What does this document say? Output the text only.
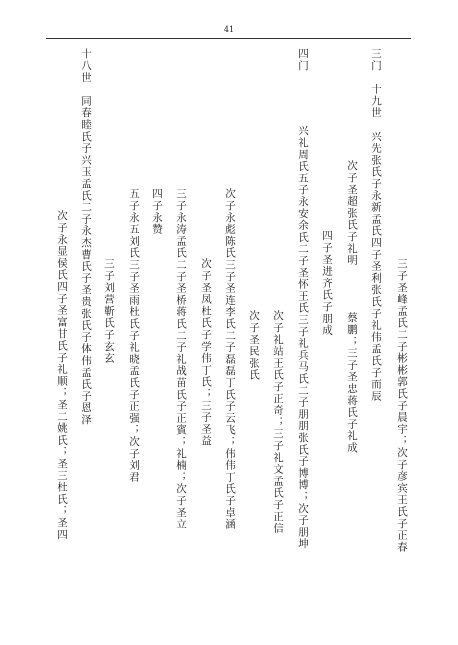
41
三门　十九世　兴先张氏子永新孟氏四子圣利张氏子礼伟孟氏子而辰
三子圣峰孟氏二子彬彬郭氏子晨宇；次子彦宾王氏子正春
次子圣超张氏子礼明
蔡鹏；三子圣忠蒋氏子礼成
四子圣进齐氏子朋成
四门
兴礼周氏五子永安余氏二子圣怀王氏三子礼兵马氏二子朋朋张氏子博博；次子朋坤
次子礼站王氏子正奇；三子礼文孟氏子正信
次子圣民张氏
次子永彪陈氏三子圣连李氏二子磊磊丁氏子云飞；伟伟丁氏子卓涵
次子圣凤杜氏子学伟丁氏；三子圣益
三子永涛孟氏二子圣桥蒋氏二子礼战苗氏子正賓；礼楠；次子圣立
四子永赞
五子永五刘氏三子圣雨杜氏子礼晓孟氏子正强；次子刘君
三子刘营靳氏子玄玄
十八世　同春睦氏子兴玉孟氏二子永杰曹氏子圣贵张氏子体伟孟氏子恩泽
次子永显侯氏四子圣富甘氏子礼顺；圣二姚氏；圣三杜氏；圣四
